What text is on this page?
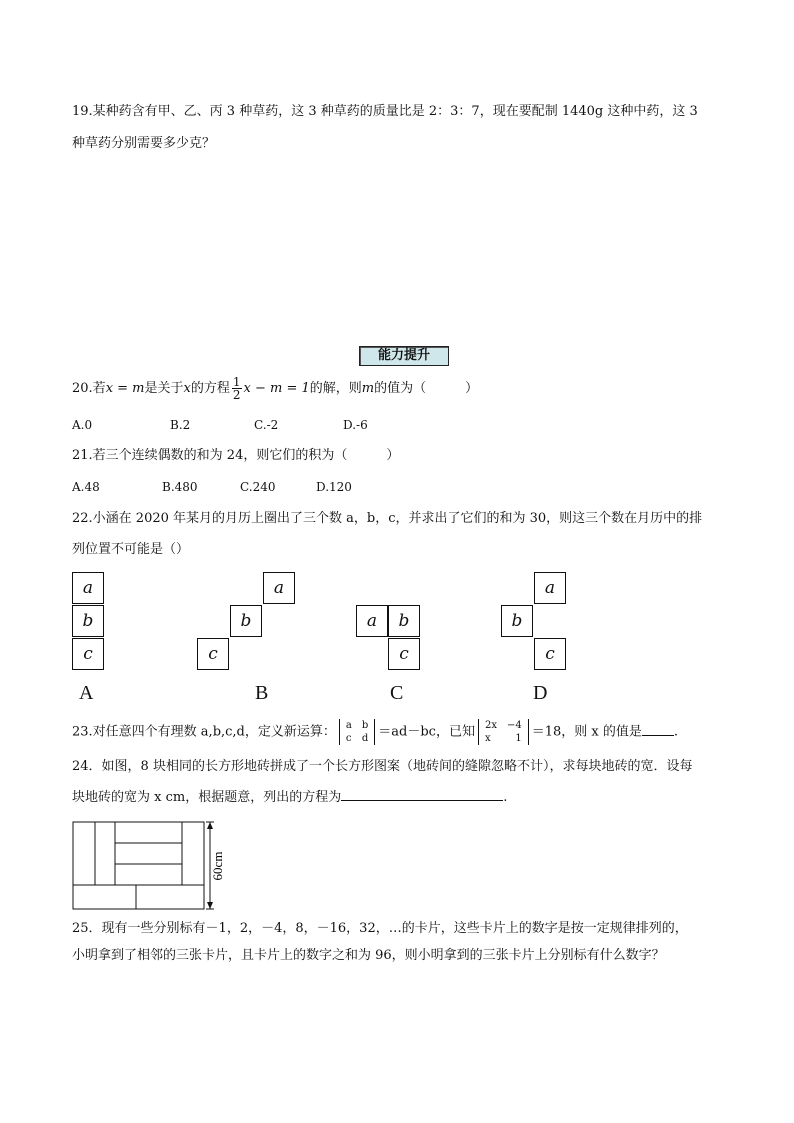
19.某种药含有甲、乙、丙 3 种草药，这 3 种草药的质量比是 2：3：7，现在要配制 1440g 这种中药，这 3
种草药分别需要多少克？
能力提升
20.若x = m是关于x的方程 $\frac{1}{2}$ x − m = 1的解，则m的值为（　　　）
A.0	B.2	C.-2	D.-6
21.若三个连续偶数的和为 24，则它们的积为（　　　）
A.48	B.480	C.240	D.120
22.小涵在 2020 年某月的月历上圈出了三个数 a，b，c，并求出了它们的和为 30，则这三个数在月历中的排
列位置不可能是（）
a
b
c
A
a
b
c
B
a	b
c
C
a
b
c
D
23.对任意四个有理数 a,b,c,d，定义新运算： a b
c d ＝ad－bc，已知 2x −4
x 1 ＝18，则 x 的值是 .
24．如图，8 块相同的长方形地砖拼成了一个长方形图案（地砖间的缝隙忽略不计），求每块地砖的宽．设每
块地砖的宽为 x cm，根据题意，列出的方程为	.
60cm
25．现有一些分别标有－1，2，－4，8，－16，32，…的卡片，这些卡片上的数字是按一定规律排列的，
小明拿到了相邻的三张卡片，且卡片上的数字之和为 96，则小明拿到的三张卡片上分别标有什么数字？
